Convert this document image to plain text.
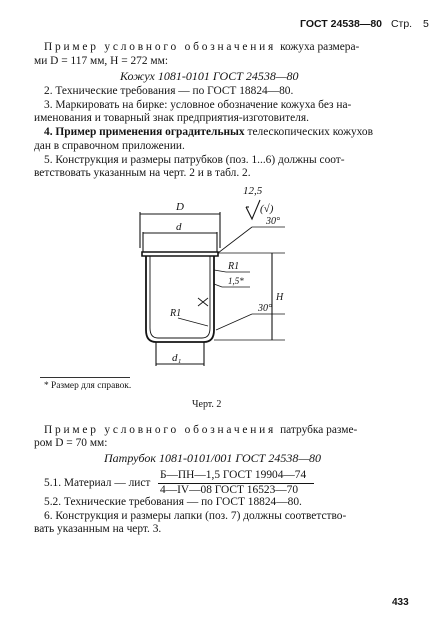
ГОСТ 24538—80 Стр. 5
Пример условного обозначения кожуха размера-
ми D = 117 мм, H = 272 мм:
Кожух 1081-0101 ГОСТ 24538—80
2. Технические требования — по ГОСТ 18824—80.
3. Маркировать на бирке: условное обозначение кожуха без на-
именования и товарный знак предприятия-изготовителя.
4. Пример применения оградительных телескопических кожухов
дан в справочном приложении.
5. Конструкция и размеры патрубков (поз. 1...6) должны соот-
ветствовать указанным на черт. 2 и в табл. 2.
12,5
(√)
D
d	30°
R1
1,5*
H
R1	30°
d₁
* Размер для справок.
Черт. 2
Пример условного обозначения патрубка разме-
ром D = 70 мм:
Патрубок 1081-0101/001 ГОСТ 24538—80
5.1. Материал — лист
Б—ПН—1,5 ГОСТ 19904—74
4—IV—08 ГОСТ 16523—70
5.2. Технические требования — по ГОСТ 18824—80.
6. Конструкция и размеры лапки (поз. 7) должны соответство-
вать указанным на черт. 3.
433
